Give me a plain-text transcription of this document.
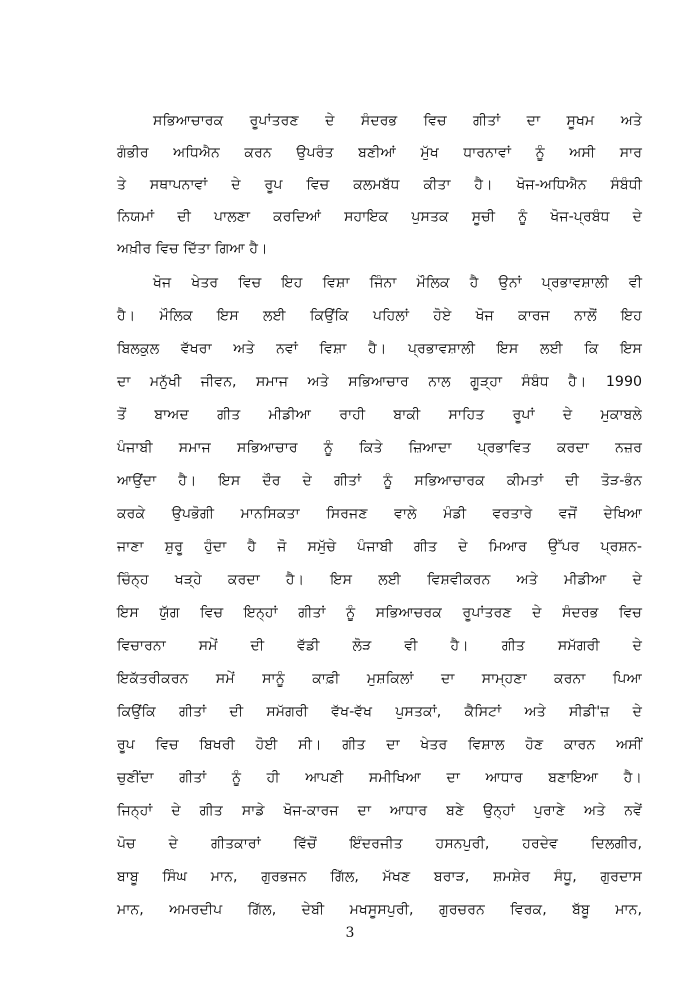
ਸਭਿਆਚਾਰਕ ਰੂਪਾਂਤਰਣ ਦੇ ਸੰਦਰਭ ਵਿਚ ਗੀਤਾਂ ਦਾ ਸੂਖਮ ਅਤੇ
ਗੰਭੀਰ ਅਧਿਐਨ ਕਰਨ ਉਪਰੰਤ ਬਣੀਆਂ ਮੁੱਖ ਧਾਰਨਾਵਾਂ ਨੂੰ ਅਸੀ ਸਾਰ
ਤੇ ਸਥਾਪਨਾਵਾਂ ਦੇ ਰੂਪ ਵਿਚ ਕਲਮਬੱਧ ਕੀਤਾ ਹੈ। ਖੋਜ-ਅਧਿਐਨ ਸੰਬੰਧੀ
ਨਿਯਮਾਂ ਦੀ ਪਾਲਣਾ ਕਰਦਿਆਂ ਸਹਾਇਕ ਪੁਸਤਕ ਸੂਚੀ ਨੂੰ ਖੋਜ-ਪ੍ਰਬੰਧ ਦੇ
ਅਖ਼ੀਰ ਵਿਚ ਦਿੱਤਾ ਗਿਆ ਹੈ।
ਖੋਜ ਖੇਤਰ ਵਿਚ ਇਹ ਵਿਸ਼ਾ ਜਿੰਨਾ ਮੌਲਿਕ ਹੈ ਉਨਾਂ ਪ੍ਰਭਾਵਸ਼ਾਲੀ ਵੀ
ਹੈ। ਮੌਲਿਕ ਇਸ ਲਈ ਕਿਉਂਕਿ ਪਹਿਲਾਂ ਹੋਏ ਖੋਜ ਕਾਰਜ ਨਾਲੋਂ ਇਹ
ਬਿਲਕੁਲ ਵੱਖਰਾ ਅਤੇ ਨਵਾਂ ਵਿਸ਼ਾ ਹੈ। ਪ੍ਰਭਾਵਸ਼ਾਲੀ ਇਸ ਲਈ ਕਿ ਇਸ
ਦਾ ਮਨੁੱਖੀ ਜੀਵਨ, ਸਮਾਜ ਅਤੇ ਸਭਿਆਚਾਰ ਨਾਲ ਗੂੜ੍ਹਾ ਸੰਬੰਧ ਹੈ। 1990
ਤੋਂ ਬਾਅਦ ਗੀਤ ਮੀਡੀਆ ਰਾਹੀ ਬਾਕੀ ਸਾਹਿਤ ਰੂਪਾਂ ਦੇ ਮੁਕਾਬਲੇ
ਪੰਜਾਬੀ ਸਮਾਜ ਸਭਿਆਚਾਰ ਨੂੰ ਕਿਤੇ ਜ਼ਿਆਦਾ ਪ੍ਰਭਾਵਿਤ ਕਰਦਾ ਨਜ਼ਰ
ਆਉਂਦਾ ਹੈ। ਇਸ ਦੌਰ ਦੇ ਗੀਤਾਂ ਨੂੰ ਸਭਿਆਚਾਰਕ ਕੀਮਤਾਂ ਦੀ ਤੋੜ-ਭੰਨ
ਕਰਕੇ ਉਪਭੋਗੀ ਮਾਨਸਿਕਤਾ ਸਿਰਜਣ ਵਾਲੇ ਮੰਡੀ ਵਰਤਾਰੇ ਵਜੋਂ ਦੇਖਿਆ
ਜਾਣਾ ਸ਼ੁਰੂ ਹੁੰਦਾ ਹੈ ਜੋ ਸਮੁੱਚੇ ਪੰਜਾਬੀ ਗੀਤ ਦੇ ਮਿਆਰ ਉੱਪਰ ਪ੍ਰਸ਼ਨ-
ਚਿੰਨ੍ਹ ਖੜ੍ਹੇ ਕਰਦਾ ਹੈ। ਇਸ ਲਈ ਵਿਸ਼ਵੀਕਰਨ ਅਤੇ ਮੀਡੀਆ ਦੇ
ਇਸ ਯੁੱਗ ਵਿਚ ਇਨ੍ਹਾਂ ਗੀਤਾਂ ਨੂੰ ਸਭਿਆਚਰਕ ਰੂਪਾਂਤਰਣ ਦੇ ਸੰਦਰਭ ਵਿਚ
ਵਿਚਾਰਨਾ ਸਮੇਂ ਦੀ ਵੱਡੀ ਲੋੜ ਵੀ ਹੈ। ਗੀਤ ਸਮੱਗਰੀ ਦੇ
ਇਕੱਤਰੀਕਰਨ ਸਮੇਂ ਸਾਨੂੰ ਕਾਫ਼ੀ ਮੁਸ਼ਕਿਲਾਂ ਦਾ ਸਾਮ੍ਹਣਾ ਕਰਨਾ ਪਿਆ
ਕਿਉਂਕਿ ਗੀਤਾਂ ਦੀ ਸਮੱਗਰੀ ਵੱਖ-ਵੱਖ ਪੁਸਤਕਾਂ, ਕੈਸਿਟਾਂ ਅਤੇ ਸੀਡੀ'ਜ਼ ਦੇ
ਰੂਪ ਵਿਚ ਬਿਖਰੀ ਹੋਈ ਸੀ। ਗੀਤ ਦਾ ਖੇਤਰ ਵਿਸ਼ਾਲ ਹੋਣ ਕਾਰਨ ਅਸੀਂ
ਚੁਣੀਂਦਾ ਗੀਤਾਂ ਨੂੰ ਹੀ ਆਪਣੀ ਸਮੀਖਿਆ ਦਾ ਆਧਾਰ ਬਣਾਇਆ ਹੈ।
ਜਿਨ੍ਹਾਂ ਦੇ ਗੀਤ ਸਾਡੇ ਖੋਜ-ਕਾਰਜ ਦਾ ਆਧਾਰ ਬਣੇ ਉਨ੍ਹਾਂ ਪੁਰਾਣੇ ਅਤੇ ਨਵੇਂ
ਪੋਚ ਦੇ ਗੀਤਕਾਰਾਂ ਵਿੱਚੋਂ ਇੰਦਰਜੀਤ ਹਸਨਪੁਰੀ, ਹਰਦੇਵ ਦਿਲਗੀਰ,
ਬਾਬੂ ਸਿੰਘ ਮਾਨ, ਗੁਰਭਜਨ ਗਿੱਲ, ਮੱਖਣ ਬਰਾੜ, ਸ਼ਮਸ਼ੇਰ ਸੰਧੂ, ਗੁਰਦਾਸ
ਮਾਨ, ਅਮਰਦੀਪ ਗਿੱਲ, ਦੇਬੀ ਮਖਸੂਸਪੁਰੀ, ਗੁਰਚਰਨ ਵਿਰਕ, ਬੱਬੂ ਮਾਨ,
3
